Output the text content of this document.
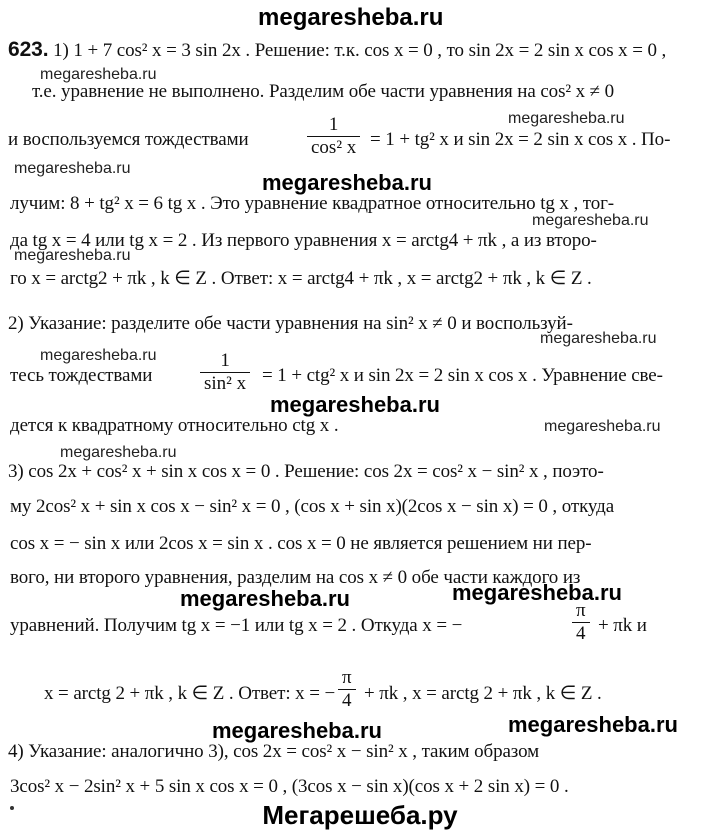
megaresheba.ru
623. 1) 1 + 7 cos² x = 3 sin 2x . Решение: т.к. cos x = 0 , то sin 2x = 2 sin x cos x = 0 ,
megaresheba.ru
т.е. уравнение не выполнено. Разделим обе части уравнения на cos² x ≠ 0
megaresheba.ru
и воспользуемся тождествами
1
cos² x = 1 + tg² x и sin 2x = 2 sin x cos x . По-
megaresheba.ru
megaresheba.ru
лучим: 8 + tg² x = 6 tg x . Это уравнение квадратное относительно tg x , тог-
megaresheba.ru
да tg x = 4 или tg x = 2 . Из первого уравнения x = arctg4 + πk , а из второ-
megaresheba.ru
го x = arctg2 + πk , k ∈ Z . Ответ: x = arctg4 + πk , x = arctg2 + πk , k ∈ Z .
2) Указание: разделите обе части уравнения на sin² x ≠ 0 и воспользуй-
megaresheba.ru
megaresheba.ru
тесь тождествами
1
sin² x = 1 + ctg² x и sin 2x = 2 sin x cos x . Уравнение све-
megaresheba.ru
дется к квадратному относительно ctg x .	megaresheba.ru
megaresheba.ru
3) cos 2x + cos² x + sin x cos x = 0 . Решение: cos 2x = cos² x − sin² x , поэто-
му 2cos² x + sin x cos x − sin² x = 0 , (cos x + sin x)(2cos x − sin x) = 0 , откуда
cos x = − sin x или 2cos x = sin x . cos x = 0 не является решением ни пер-
вого, ни второго уравнения, разделим на cos x ≠ 0 обе части каждого из
megaresheba.ru	megaresheba.ru
уравнений. Получим tg x = −1 или tg x = 2 . Откуда x = −
π
4 + πk и
x = arctg 2 + πk , k ∈ Z . Ответ: x = −
π
4 + πk , x = arctg 2 + πk , k ∈ Z .
megaresheba.ru	megaresheba.ru
4) Указание: аналогично 3), cos 2x = cos² x − sin² x , таким образом
3cos² x − 2sin² x + 5 sin x cos x = 0 , (3cos x − sin x)(cos x + 2 sin x) = 0 .
Мегарешеба.ру
